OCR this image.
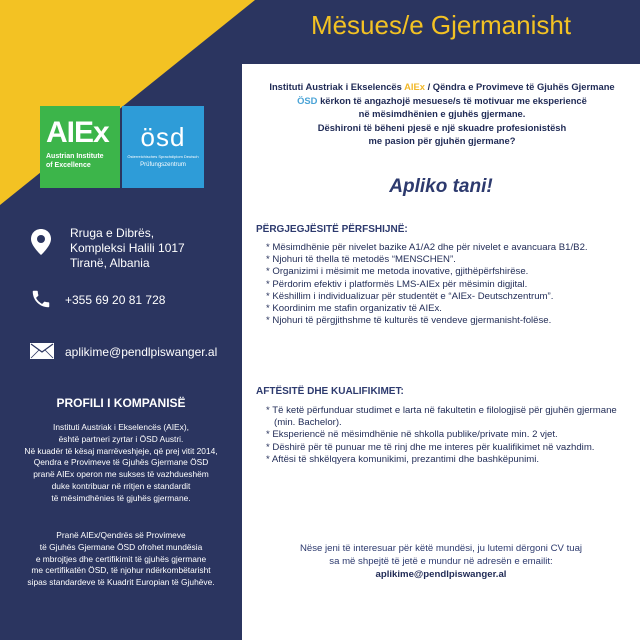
Mësues/e Gjermanisht
AIEx
Austrian Institute
of Excellence
ösd
Österreichisches Sprachdiplom Deutsch
Prüfungszentrum
Rruga e Dibrës,
Kompleksi Halili 1017
Tiranë, Albania
+355 69 20 81 728
aplikime@pendlpiswanger.al
PROFILI I KOMPANISË
Instituti Austriak i Ekselencës (AIEx),
është partneri zyrtar i ÖSD Austri.
Në kuadër të kësaj marrëveshjeje, që prej vitit 2014,
Qendra e Provimeve të Gjuhës Gjermane ÖSD
pranë AIEx operon me sukses të vazhdueshëm
duke kontribuar në rritjen e standardit
të mësimdhënies të gjuhës gjermane.
Pranë AIEx/Qendrës së Provimeve
të Gjuhës Gjermane ÖSD ofrohet mundësia
e mbrojtjes dhe certifikimit të gjuhës gjermane
me certifikatën ÖSD, të njohur ndërkombëtarisht
sipas standardeve të Kuadrit Europian të Gjuhëve.
Instituti Austriak i Ekselencës AIEx / Qëndra e Provimeve të Gjuhës Gjermane
ÖSD kërkon të angazhojë mesuese/s të motivuar me eksperiencë
në mësimdhënien e gjuhës gjermane.
Dëshironi të bëheni pjesë e një skuadre profesionistësh
me pasion për gjuhën gjermane?
Apliko tani!
PËRGJEGJËSITË PËRFSHIJNË:
* Mësimdhënie për nivelet bazike A1/A2 dhe për nivelet e avancuara B1/B2.
* Njohuri të thella të metodës “MENSCHEN”.
* Organizimi i mësimit me metoda inovative, gjithëpërfshirëse.
* Përdorim efektiv i platformës LMS-AIEx për mësimin digjital.
* Këshillim i individualizuar për studentët e “AIEx- Deutschzentrum”.
* Koordinim me stafin organizativ të AIEx.
* Njohuri të përgjithshme të kulturës të vendeve gjermanisht-folëse.
AFTËSITË DHE KUALIFIKIMET:
* Të ketë përfunduar studimet e larta në fakultetin e filologjisë për gjuhën gjermane (min. Bachelor).
* Eksperiencë në mësimdhënie në shkolla publike/private min. 2 vjet.
* Dëshirë për të punuar me të rinj dhe me interes për kualifikimet në vazhdim.
* Aftësi të shkëlqyera komunikimi, prezantimi dhe bashkëpunimi.
Nëse jeni të interesuar për këtë mundësi, ju lutemi dërgoni CV tuaj
sa më shpejtë të jetë e mundur në adresën e emailit:
aplikime@pendlpiswanger.al
